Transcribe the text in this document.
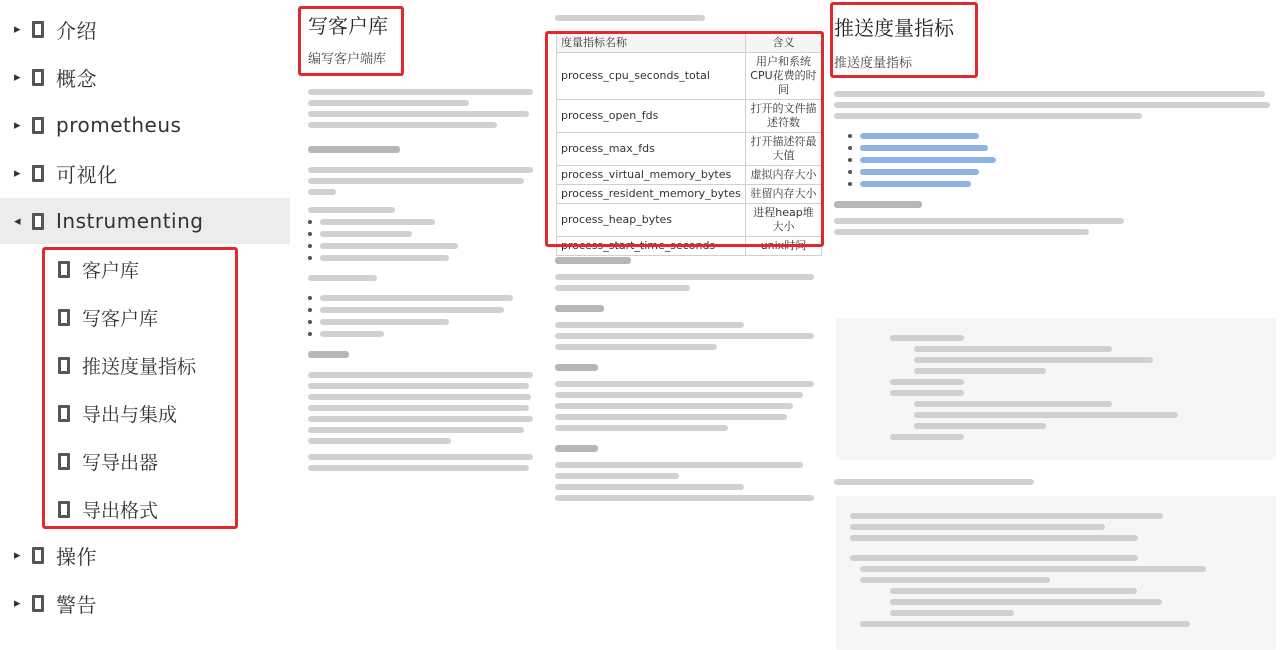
▸ 介绍
▸ 概念
▸ prometheus
▸ 可视化
◂ Instrumenting
客户库
写客户库
推送度量指标
导出与集成
写导出器
导出格式
▸ 操作
▸ 警告
写客户库
编写客户端库
度量指标名称	含义
process_cpu_seconds_total	用户和系统CPU花费的时间
process_open_fds	打开的文件描述符数
process_max_fds	打开描述符最大值
process_virtual_memory_bytes	虚拟内存大小
process_resident_memory_bytes	驻留内存大小
process_heap_bytes	进程heap堆大小
process_start_time_seconds	unix时间
推送度量指标
推送度量指标
